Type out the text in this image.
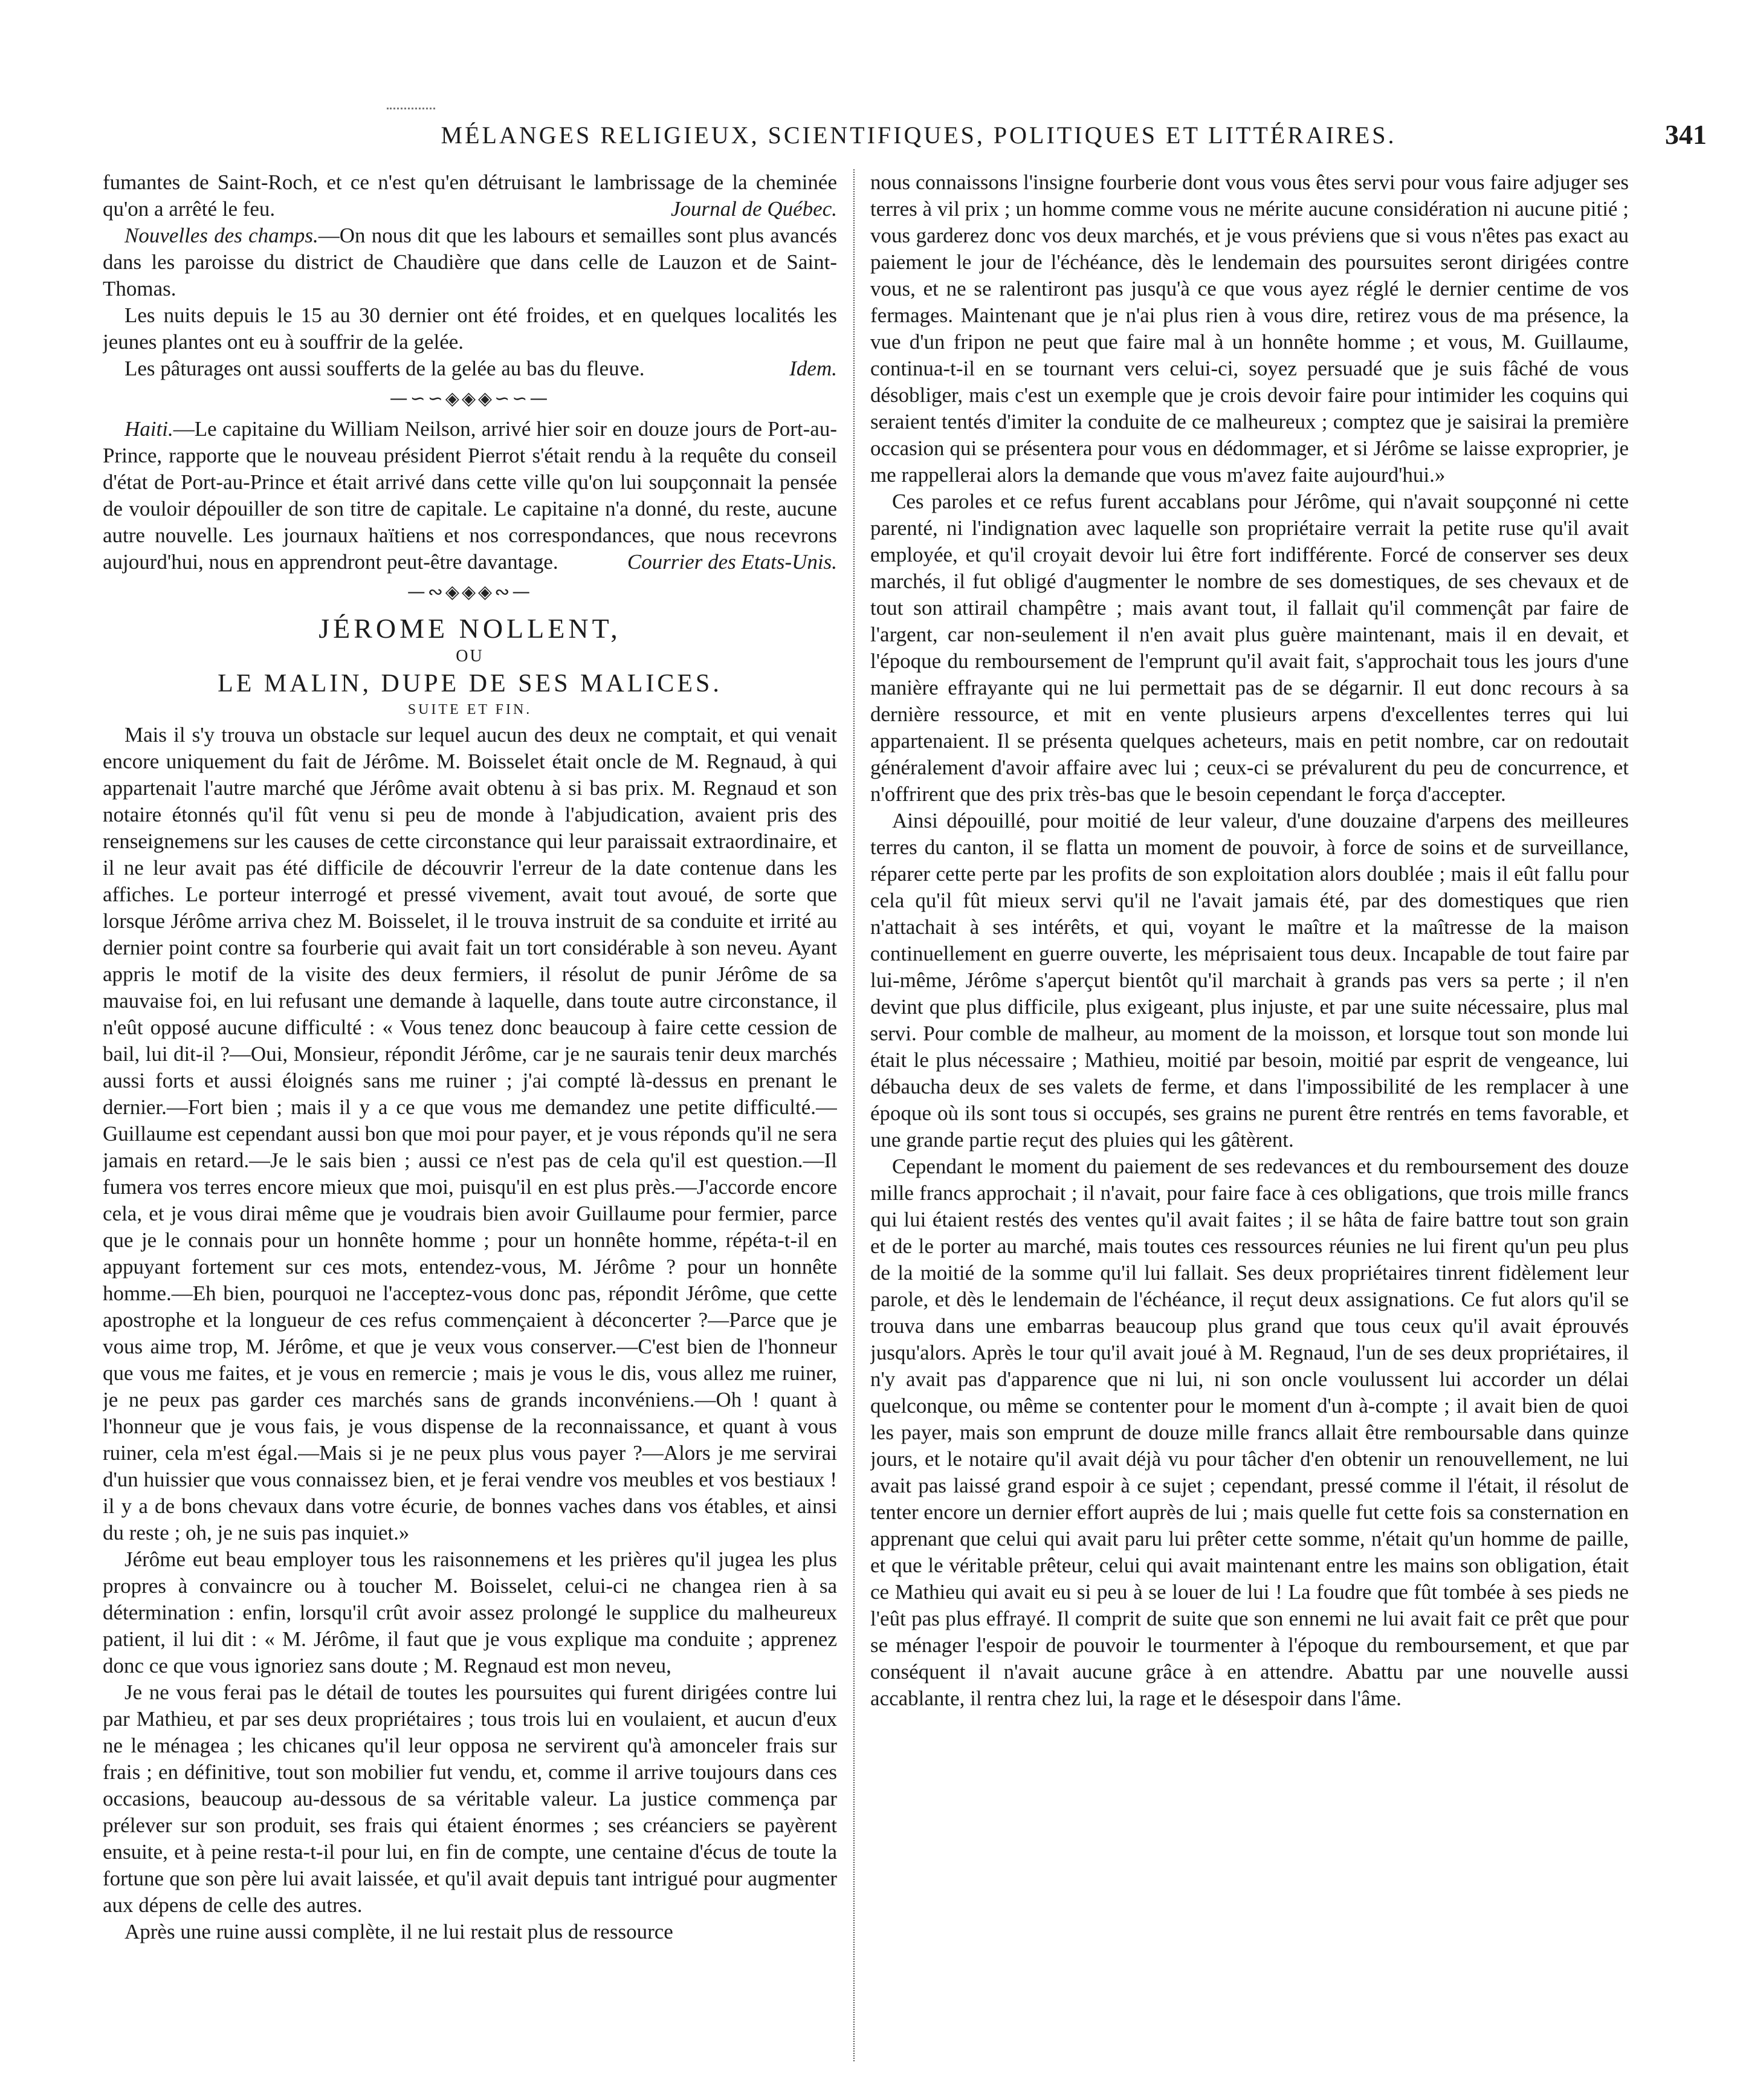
MÉLANGES RELIGIEUX, SCIENTIFIQUES, POLITIQUES ET LITTÉRAIRES.	341

fumantes de Saint-Roch, et ce n'est qu'en détruisant le lambrissage de la cheminée qu'on a arrêté le feu.	Journal de Québec.

Nouvelles des champs.—On nous dit que les labours et semailles sont plus avancés dans les paroisse du district de Chaudière que dans celle de Lauzon et de Saint-Thomas.

Les nuits depuis le 15 au 30 dernier ont été froides, et en quelques localités les jeunes plantes ont eu à souffrir de la gelée.

Les pâturages ont aussi soufferts de la gelée au bas du fleuve.	Idem.

—∽∽◈◈◈∽∽—

Haiti.—Le capitaine du William Neilson, arrivé hier soir en douze jours de Port-au-Prince, rapporte que le nouveau président Pierrot s'était rendu à la requête du conseil d'état de Port-au-Prince et était arrivé dans cette ville qu'on lui soupçonnait la pensée de vouloir dépouiller de son titre de capitale. Le capitaine n'a donné, du reste, aucune autre nouvelle. Les journaux haïtiens et nos correspondances, que nous recevrons aujourd'hui, nous en apprendront peut-être davantage.	Courrier des Etats-Unis.

—∾◈◈◈∾—
JÉROME NOLLENT,
OU
LE MALIN, DUPE DE SES MALICES.
SUITE ET FIN.

Mais il s'y trouva un obstacle sur lequel aucun des deux ne comptait, et qui venait encore uniquement du fait de Jérôme. M. Boisselet était oncle de M. Regnaud, à qui appartenait l'autre marché que Jérôme avait obtenu à si bas prix. M. Regnaud et son notaire étonnés qu'il fût venu si peu de monde à l'abjudication, avaient pris des renseignemens sur les causes de cette circonstance qui leur paraissait extraordinaire, et il ne leur avait pas été difficile de découvrir l'erreur de la date contenue dans les affiches. Le porteur interrogé et pressé vivement, avait tout avoué, de sorte que lorsque Jérôme arriva chez M. Boisselet, il le trouva instruit de sa conduite et irrité au dernier point contre sa fourberie qui avait fait un tort considérable à son neveu. Ayant appris le motif de la visite des deux fermiers, il résolut de punir Jérôme de sa mauvaise foi, en lui refusant une demande à laquelle, dans toute autre circonstance, il n'eût opposé aucune difficulté : « Vous tenez donc beaucoup à faire cette cession de bail, lui dit-il ?—Oui, Monsieur, répondit Jérôme, car je ne saurais tenir deux marchés aussi forts et aussi éloignés sans me ruiner ; j'ai compté là-dessus en prenant le dernier.—Fort bien ; mais il y a ce que vous me demandez une petite difficulté.—Guillaume est cependant aussi bon que moi pour payer, et je vous réponds qu'il ne sera jamais en retard.—Je le sais bien ; aussi ce n'est pas de cela qu'il est question.—Il fumera vos terres encore mieux que moi, puisqu'il en est plus près.—J'accorde encore cela, et je vous dirai même que je voudrais bien avoir Guillaume pour fermier, parce que je le connais pour un honnête homme ; pour un honnête homme, répéta-t-il en appuyant fortement sur ces mots, entendez-vous, M. Jérôme ? pour un honnête homme.—Eh bien, pourquoi ne l'acceptez-vous donc pas, répondit Jérôme, que cette apostrophe et la longueur de ces refus commençaient à déconcerter ?—Parce que je vous aime trop, M. Jérôme, et que je veux vous conserver.—C'est bien de l'honneur que vous me faites, et je vous en remercie ; mais je vous le dis, vous allez me ruiner, je ne peux pas garder ces marchés sans de grands inconvéniens.—Oh ! quant à l'honneur que je vous fais, je vous dispense de la reconnaissance, et quant à vous ruiner, cela m'est égal.—Mais si je ne peux plus vous payer ?—Alors je me servirai d'un huissier que vous connaissez bien, et je ferai vendre vos meubles et vos bestiaux ! il y a de bons chevaux dans votre écurie, de bonnes vaches dans vos étables, et ainsi du reste ; oh, je ne suis pas inquiet.»

Jérôme eut beau employer tous les raisonnemens et les prières qu'il jugea les plus propres à convaincre ou à toucher M. Boisselet, celui-ci ne changea rien à sa détermination : enfin, lorsqu'il crût avoir assez prolongé le supplice du malheureux patient, il lui dit : « M. Jérôme, il faut que je vous explique ma conduite ; apprenez donc ce que vous ignoriez sans doute ; M. Regnaud est mon neveu,

Je ne vous ferai pas le détail de toutes les poursuites qui furent dirigées contre lui par Mathieu, et par ses deux propriétaires ; tous trois lui en voulaient, et aucun d'eux ne le ménagea ; les chicanes qu'il leur opposa ne servirent qu'à amonceler frais sur frais ; en définitive, tout son mobilier fut vendu, et, comme il arrive toujours dans ces occasions, beaucoup au-dessous de sa véritable valeur. La justice commença par prélever sur son produit, ses frais qui étaient énormes ; ses créanciers se payèrent ensuite, et à peine resta-t-il pour lui, en fin de compte, une centaine d'écus de toute la fortune que son père lui avait laissée, et qu'il avait depuis tant intrigué pour augmenter aux dépens de celle des autres.

Après une ruine aussi complète, il ne lui restait plus de ressource

nous connaissons l'insigne fourberie dont vous vous êtes servi pour vous faire adjuger ses terres à vil prix ; un homme comme vous ne mérite aucune considération ni aucune pitié ; vous garderez donc vos deux marchés, et je vous préviens que si vous n'êtes pas exact au paiement le jour de l'échéance, dès le lendemain des poursuites seront dirigées contre vous, et ne se ralentiront pas jusqu'à ce que vous ayez réglé le dernier centime de vos fermages. Maintenant que je n'ai plus rien à vous dire, retirez vous de ma présence, la vue d'un fripon ne peut que faire mal à un honnête homme ; et vous, M. Guillaume, continua-t-il en se tournant vers celui-ci, soyez persuadé que je suis fâché de vous désobliger, mais c'est un exemple que je crois devoir faire pour intimider les coquins qui seraient tentés d'imiter la conduite de ce malheureux ; comptez que je saisirai la première occasion qui se présentera pour vous en dédommager, et si Jérôme se laisse exproprier, je me rappellerai alors la demande que vous m'avez faite aujourd'hui.»

Ces paroles et ce refus furent accablans pour Jérôme, qui n'avait soupçonné ni cette parenté, ni l'indignation avec laquelle son propriétaire verrait la petite ruse qu'il avait employée, et qu'il croyait devoir lui être fort indifférente. Forcé de conserver ses deux marchés, il fut obligé d'augmenter le nombre de ses domestiques, de ses chevaux et de tout son attirail champêtre ; mais avant tout, il fallait qu'il commençât par faire de l'argent, car non-seulement il n'en avait plus guère maintenant, mais il en devait, et l'époque du remboursement de l'emprunt qu'il avait fait, s'approchait tous les jours d'une manière effrayante qui ne lui permettait pas de se dégarnir. Il eut donc recours à sa dernière ressource, et mit en vente plusieurs arpens d'excellentes terres qui lui appartenaient. Il se présenta quelques acheteurs, mais en petit nombre, car on redoutait généralement d'avoir affaire avec lui ; ceux-ci se prévalurent du peu de concurrence, et n'offrirent que des prix très-bas que le besoin cependant le força d'accepter.

Ainsi dépouillé, pour moitié de leur valeur, d'une douzaine d'arpens des meilleures terres du canton, il se flatta un moment de pouvoir, à force de soins et de surveillance, réparer cette perte par les profits de son exploitation alors doublée ; mais il eût fallu pour cela qu'il fût mieux servi qu'il ne l'avait jamais été, par des domestiques que rien n'attachait à ses intérêts, et qui, voyant le maître et la maîtresse de la maison continuellement en guerre ouverte, les méprisaient tous deux. Incapable de tout faire par lui-même, Jérôme s'aperçut bientôt qu'il marchait à grands pas vers sa perte ; il n'en devint que plus difficile, plus exigeant, plus injuste, et par une suite nécessaire, plus mal servi. Pour comble de malheur, au moment de la moisson, et lorsque tout son monde lui était le plus nécessaire ; Mathieu, moitié par besoin, moitié par esprit de vengeance, lui débaucha deux de ses valets de ferme, et dans l'impossibilité de les remplacer à une époque où ils sont tous si occupés, ses grains ne purent être rentrés en tems favorable, et une grande partie reçut des pluies qui les gâtèrent.

Cependant le moment du paiement de ses redevances et du remboursement des douze mille francs approchait ; il n'avait, pour faire face à ces obligations, que trois mille francs qui lui étaient restés des ventes qu'il avait faites ; il se hâta de faire battre tout son grain et de le porter au marché, mais toutes ces ressources réunies ne lui firent qu'un peu plus de la moitié de la somme qu'il lui fallait. Ses deux propriétaires tinrent fidèlement leur parole, et dès le lendemain de l'échéance, il reçut deux assignations. Ce fut alors qu'il se trouva dans une embarras beaucoup plus grand que tous ceux qu'il avait éprouvés jusqu'alors. Après le tour qu'il avait joué à M. Regnaud, l'un de ses deux propriétaires, il n'y avait pas d'apparence que ni lui, ni son oncle voulussent lui accorder un délai quelconque, ou même se contenter pour le moment d'un à-compte ; il avait bien de quoi les payer, mais son emprunt de douze mille francs allait être remboursable dans quinze jours, et le notaire qu'il avait déjà vu pour tâcher d'en obtenir un renouvellement, ne lui avait pas laissé grand espoir à ce sujet ; cependant, pressé comme il l'était, il résolut de tenter encore un dernier effort auprès de lui ; mais quelle fut cette fois sa consternation en apprenant que celui qui avait paru lui prêter cette somme, n'était qu'un homme de paille, et que le véritable prêteur, celui qui avait maintenant entre les mains son obligation, était ce Mathieu qui avait eu si peu à se louer de lui ! La foudre que fût tombée à ses pieds ne l'eût pas plus effrayé. Il comprit de suite que son ennemi ne lui avait fait ce prêt que pour se ménager l'espoir de pouvoir le tourmenter à l'époque du remboursement, et que par conséquent il n'avait aucune grâce à en attendre. Abattu par une nouvelle aussi accablante, il rentra chez lui, la rage et le désespoir dans l'âme.
